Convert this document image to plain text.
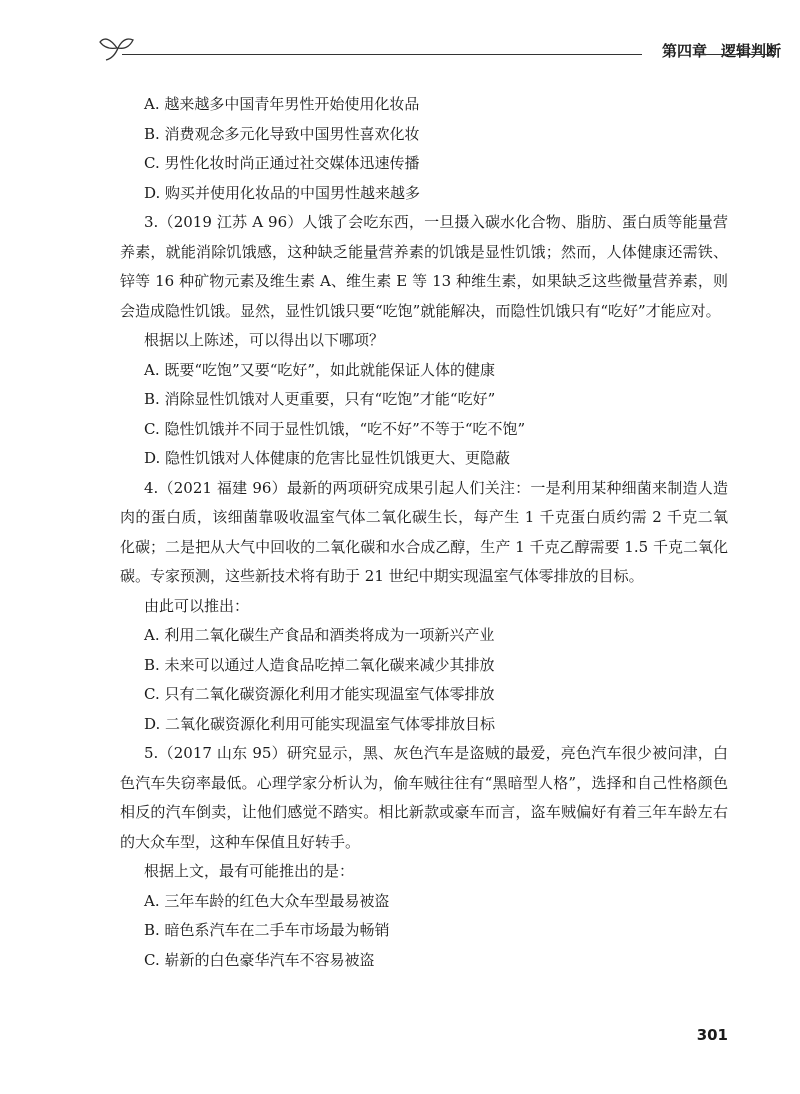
第四章 逻辑判断
A. 越来越多中国青年男性开始使用化妆品
B. 消费观念多元化导致中国男性喜欢化妆
C. 男性化妆时尚正通过社交媒体迅速传播
D. 购买并使用化妆品的中国男性越来越多
3.（2019 江苏 A 96）人饿了会吃东西，一旦摄入碳水化合物、脂肪、蛋白质等能量营养素，就能消除饥饿感，这种缺乏能量营养素的饥饿是显性饥饿；然而，人体健康还需铁、锌等 16 种矿物元素及维生素 A、维生素 E 等 13 种维生素，如果缺乏这些微量营养素，则会造成隐性饥饿。显然，显性饥饿只要“吃饱”就能解决，而隐性饥饿只有“吃好”才能应对。
根据以上陈述，可以得出以下哪项？
A. 既要“吃饱”又要“吃好”，如此就能保证人体的健康
B. 消除显性饥饿对人更重要，只有“吃饱”才能“吃好”
C. 隐性饥饿并不同于显性饥饿，“吃不好”不等于“吃不饱”
D. 隐性饥饿对人体健康的危害比显性饥饿更大、更隐蔽
4.（2021 福建 96）最新的两项研究成果引起人们关注：一是利用某种细菌来制造人造肉的蛋白质，该细菌靠吸收温室气体二氧化碳生长，每产生 1 千克蛋白质约需 2 千克二氧化碳；二是把从大气中回收的二氧化碳和水合成乙醇，生产 1 千克乙醇需要 1.5 千克二氧化碳。专家预测，这些新技术将有助于 21 世纪中期实现温室气体零排放的目标。
由此可以推出：
A. 利用二氧化碳生产食品和酒类将成为一项新兴产业
B. 未来可以通过人造食品吃掉二氧化碳来减少其排放
C. 只有二氧化碳资源化利用才能实现温室气体零排放
D. 二氧化碳资源化利用可能实现温室气体零排放目标
5.（2017 山东 95）研究显示，黑、灰色汽车是盗贼的最爱，亮色汽车很少被问津，白色汽车失窃率最低。心理学家分析认为，偷车贼往往有“黑暗型人格”，选择和自己性格颜色相反的汽车倒卖，让他们感觉不踏实。相比新款或豪车而言，盗车贼偏好有着三年车龄左右的大众车型，这种车保值且好转手。
根据上文，最有可能推出的是：
A. 三年车龄的红色大众车型最易被盗
B. 暗色系汽车在二手车市场最为畅销
C. 崭新的白色豪华汽车不容易被盗
301
